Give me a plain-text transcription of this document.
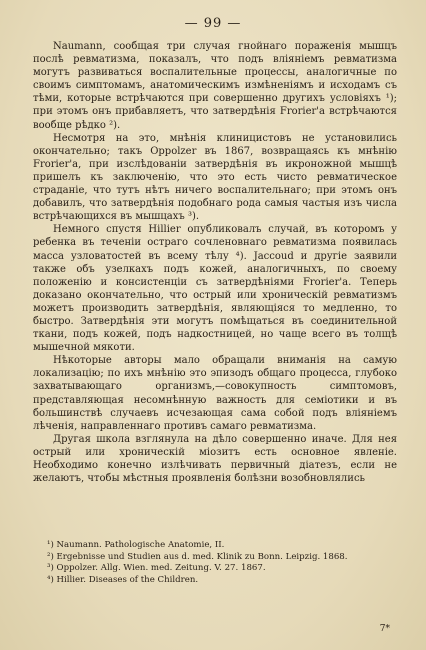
— 99 —

Naumann, сообщая три случая гнойнаго пораженія мышцъ послѣ ревматизма, показалъ, что подъ вліяніемъ ревматизма могутъ развиваться воспалительные процессы, аналогичные по своимъ симптомамъ, анатомическимъ измѣненіямъ и исходамъ съ тѣми, которые встрѣчаются при совершенно другихъ условіяхъ ¹); при этомъ онъ прибавляетъ, что затвердѣнія Frorier'а встрѣчаются вообще рѣдко ²).

Несмотря на это, мнѣнія клиницистовъ не установились окончательно; такъ Oppolzer въ 1867, возвращаясь къ мнѣнію Frorier'а, при изслѣдованіи затвердѣнія въ икроножной мышцѣ пришелъ къ заключенію, что это есть чисто ревматическое страданіе, что тутъ нѣтъ ничего воспалительнаго; при этомъ онъ добавилъ, что затвердѣнія подобнаго рода самыя частыя изъ числа встрѣчающихся въ мышцахъ ³).

Немного спустя Hillier опубликовалъ случай, въ которомъ у ребенка въ теченіи остраго сочленовнаго ревматизма появилась масса узловатостей въ всему тѣлу ⁴). Jaccoud и другіе заявили также объ узелкахъ подъ кожей, аналогичныхъ, по своему положенію и консистенціи съ затвердѣніями Frorier'а. Теперь доказано окончательно, что острый или хроническій ревматизмъ можетъ производить затвердѣнія, являющіяся то медленно, то быстро. Затвердѣнія эти могутъ помѣщаться въ соединительной ткани, подъ кожей, подъ надкостницей, но чаще всего въ толщѣ мышечной мякоти.

Нѣкоторые авторы мало обращали вниманія на самую локализацію; по ихъ мнѣнію это эпизодъ общаго процесса, глубоко захватывающаго организмъ,—совокупность симптомовъ, представляющая несомнѣнную важность для семіотики и въ большинствѣ случаевъ исчезающая сама собой подъ вліяніемъ лѣченія, направленнаго противъ самаго ревматизма.

Другая школа взглянула на дѣло совершенно иначе. Для нея острый или хроническій міозитъ есть основное явленіе. Необходимо конечно излѣчивать первичный діатезъ, если не желаютъ, чтобы мѣстныя проявленія болѣзни возобновлялись

¹) Naumann. Pathologische Anatomie, II.
²) Ergebnisse und Studien aus d. med. Klinik zu Bonn. Leipzig. 1868.
³) Oppolzer. Allg. Wien. med. Zeitung. V. 27. 1867.
⁴) Hillier. Diseases of the Children.
7*
